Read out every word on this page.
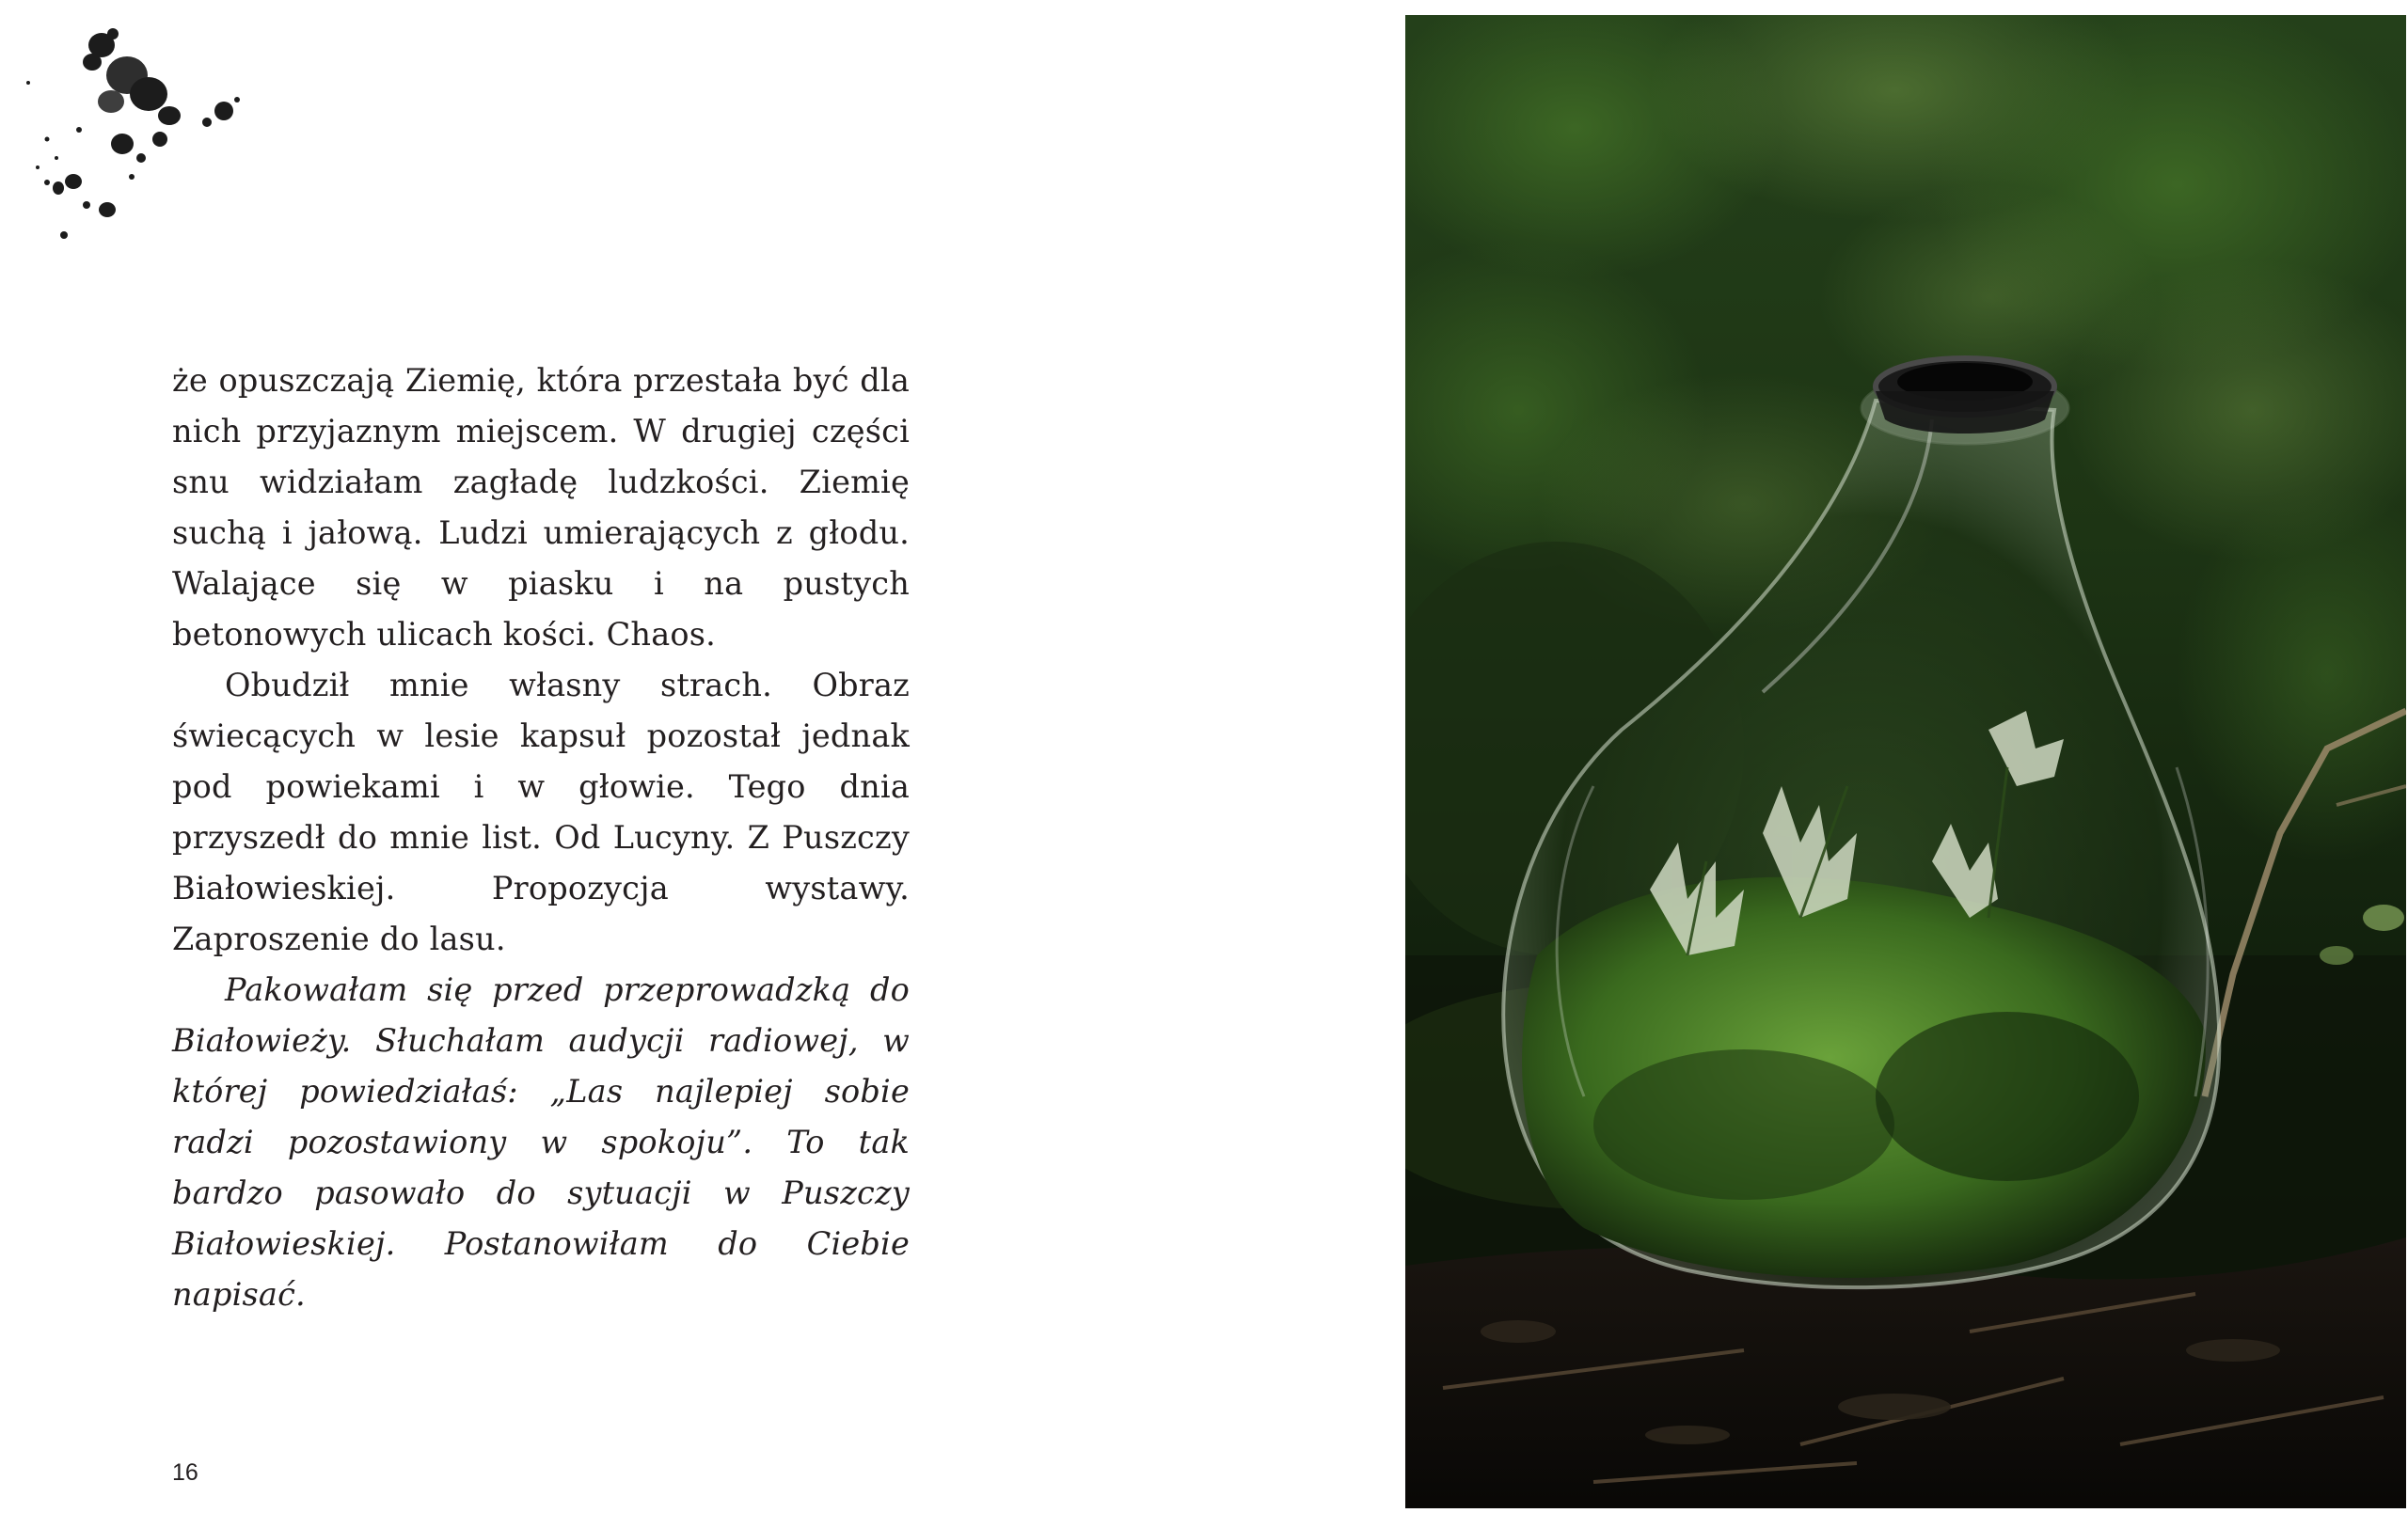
że opuszczają Ziemię, która przestała być dla nich przyjaznym miejscem. W drugiej części snu widziałam zagładę ludzkości. Ziemię suchą i jałową. Ludzi umierających z głodu. Walające się w piasku i na pustych betonowych ulicach kości. Chaos.

Obudził mnie własny strach. Obraz świecących w lesie kapsuł pozostał jednak pod powiekami i w głowie. Tego dnia przyszedł do mnie list. Od Lucyny. Z Puszczy Białowieskiej. Propozycja wystawy. Zaproszenie do lasu.

Pakowałam się przed przeprowadzką do Białowieży. Słuchałam audycji radiowej, w której powiedziałaś: „Las najlepiej sobie radzi pozostawiony w spokoju”. To tak bardzo pasowało do sytuacji w Puszczy Białowieskiej. Postanowiłam do Ciebie napisać.

16
